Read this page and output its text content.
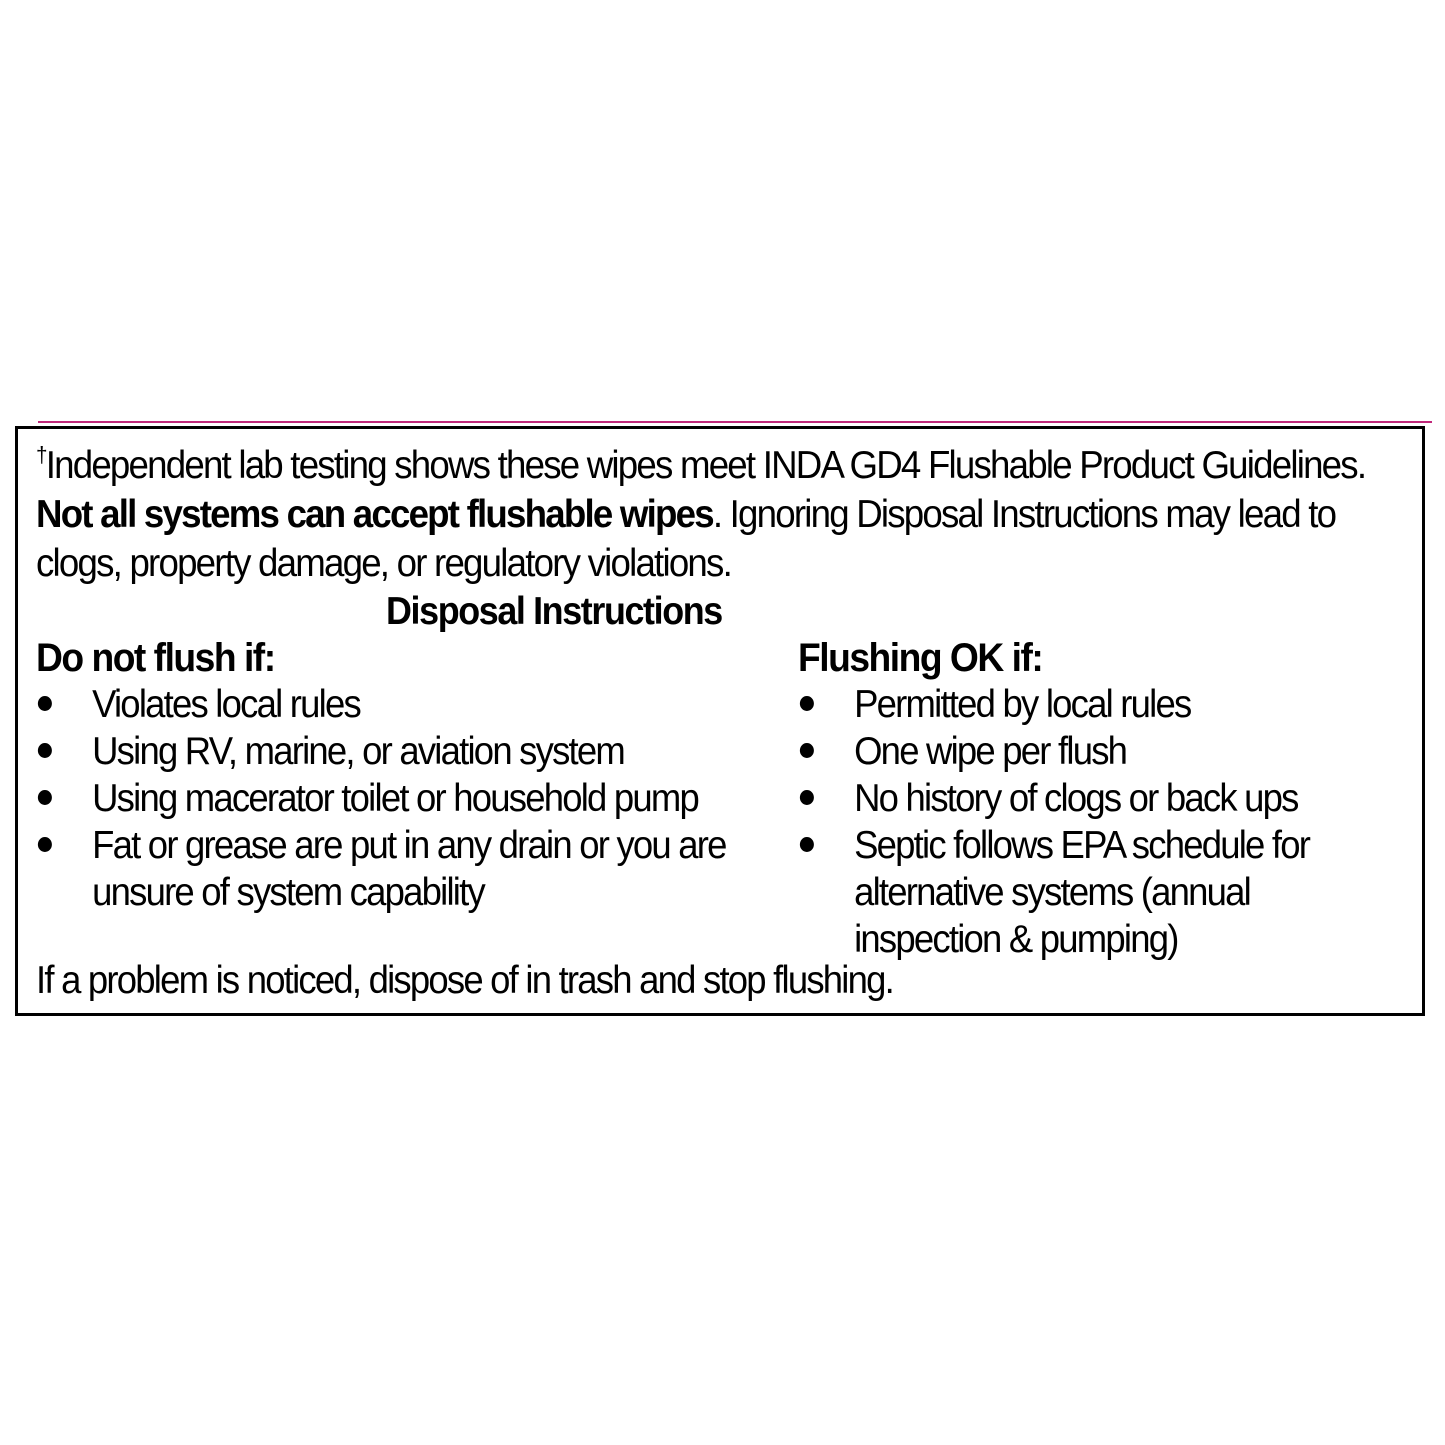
†Independent lab testing shows these wipes meet INDA GD4 Flushable Product Guidelines. Not all systems can accept flushable wipes. Ignoring Disposal Instructions may lead to clogs, property damage, or regulatory violations.

Disposal Instructions

Do not flush if:

Violates local rules
Using RV, marine, or aviation system
Using macerator toilet or household pump
Fat or grease are put in any drain or you are unsure of system capability

Flushing OK if:

Permitted by local rules
One wipe per flush
No history of clogs or back ups
Septic follows EPA schedule for alternative systems (annual inspection & pumping)

If a problem is noticed, dispose of in trash and stop flushing.
